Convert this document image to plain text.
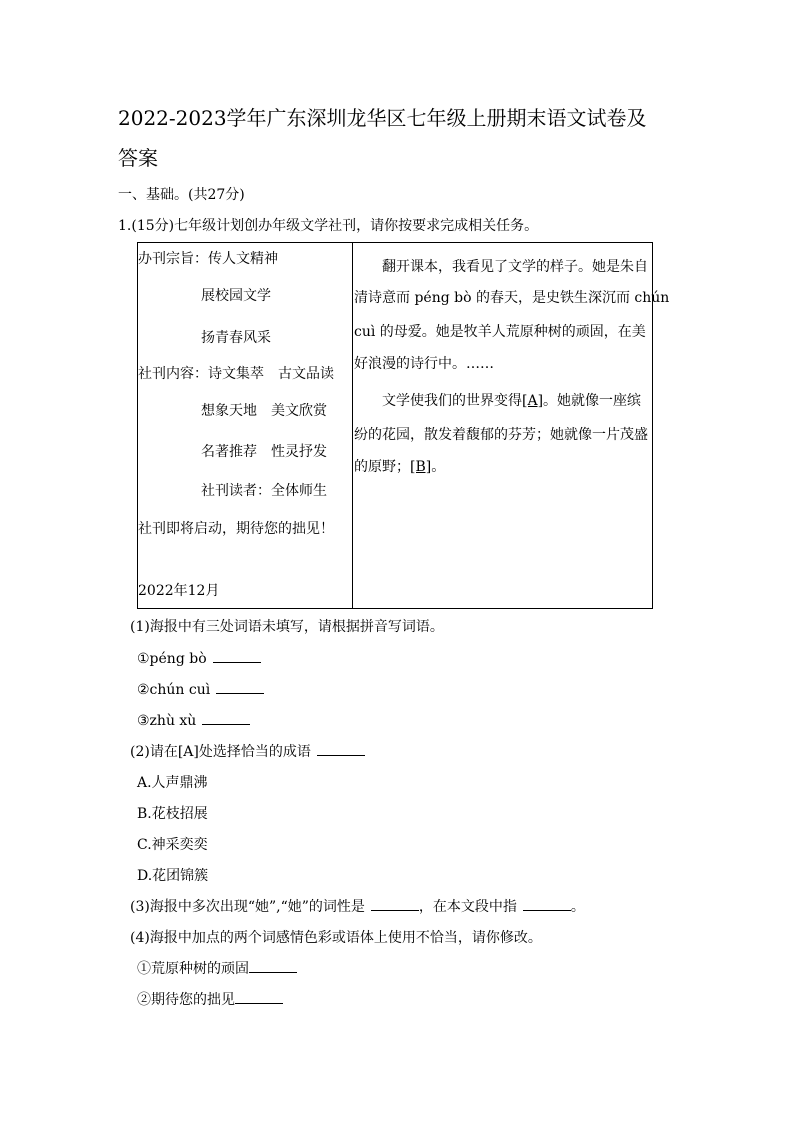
2022-2023学年广东深圳龙华区七年级上册期末语文试卷及
答案
一、基础。(共27分)
1.(15分)七年级计划创办年级文学社刊，请你按要求完成相关任务。
办刊宗旨：传人文精神
展校园文学
扬青春风采
社刊内容：诗文集萃　古文品读
想象天地　美文欣赏
名著推荐　性灵抒发
社刊读者：全体师生
社刊即将启动，期待您的拙见！
2022年12月
翻开课本，我看见了文学的样子。她是朱自
清诗意而 péng bò 的春天，是史铁生深沉而 chún
cuì 的母爱。她是牧羊人荒原种树的顽固，在美
好浪漫的诗行中。……
文学使我们的世界变得[A]。她就像一座缤
纷的花园，散发着馥郁的芬芳；她就像一片茂盛
的原野；[B]。
(1)海报中有三处词语未填写，请根据拼音写词语。
①péng bò
②chún cuì
③zhù xù
(2)请在[A]处选择恰当的成语
A.人声鼎沸
B.花枝招展
C.神采奕奕
D.花团锦簇
(3)海报中多次出现“她”,“她”的词性是	，在本文段中指	。
(4)海报中加点的两个词感情色彩或语体上使用不恰当，请你修改。
①荒原种树的顽固
②期待您的拙见
